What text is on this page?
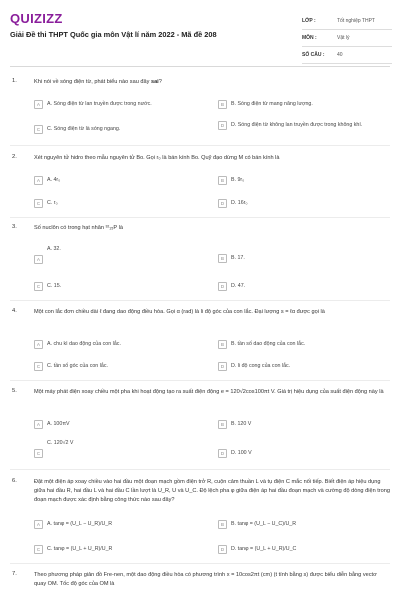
QUIZIZZ
Giải Đề thi THPT Quốc gia môn Vật lí năm 2022 - Mã đề 208
LỚP :	Tốt nghiệp THPT
MÔN :	Vật lý
SỐ CÂU :	40
1.	Khi nói về sóng điện từ, phát biểu nào sau đây sai?
A	A. Sóng điện từ lan truyền được trong nước.	B	B. Sóng điện từ mang năng lượng.
C	C. Sóng điện từ là sóng ngang.
D	D. Sóng điện từ không lan truyền được trong không khí.
2.	Xét nguyên tử hidro theo mẫu nguyên tử Bo. Gọi r₀ là bán kính Bo. Quỹ đạo dừng M có bán kính là
A	A. 4r₀	B	B. 9r₀
C	C. r₀	D	D. 16r₀
3.	Số nuclôn có trong hạt nhân ³²₁₅P là
A
A. 32.
B	B. 17.
C	C. 15.	D	D. 47.
4.	Một con lắc đơn chiều dài ℓ đang dao động điều hòa. Gọi α (rad) là li độ góc của con lắc. Đại lượng s = ℓα được gọi là
A	A. chu kì dao động của con lắc.	B	B. tần số dao động của con lắc.
C	C. tần số góc của con lắc.	D	D. li độ cong của con lắc.
5.	Một máy phát điện xoay chiều một pha khi hoạt động tạo ra suất điện động e = 120√2cos100πt V. Giá trị hiệu dụng của suất điện động này là
A	A. 100πV	B	B. 120 V
C
C. 120√2 V
D	D. 100 V
6.	Đặt một điện áp xoay chiều vào hai đầu một đoạn mạch gồm điện trở R, cuộn cảm thuần L và tụ điện C mắc nối tiếp. Biết điện áp hiệu dụng giữa hai đầu R, hai đầu L và hai đầu C lần lượt là U_R, U và U_C. Độ lệch pha φ giữa điện áp hai đầu đoạn mạch và cường độ dòng điện trong đoạn mạch được xác định bằng công thức nào sau đây?
A	A. tanφ = (U_L − U_R)/U_R	B	B. tanφ = (U_L − U_C)/U_R
C	C. tanφ = (U_L + U_R)/U_R	D	D. tanφ = (U_L + U_R)/U_C
7.	Theo phương pháp giản đồ Fre-nen, một dao động điều hòa có phương trình x = 10cos2πt (cm) (t tính bằng s) được biểu diễn bằng vectơ quay OM. Tốc độ góc của OM là
